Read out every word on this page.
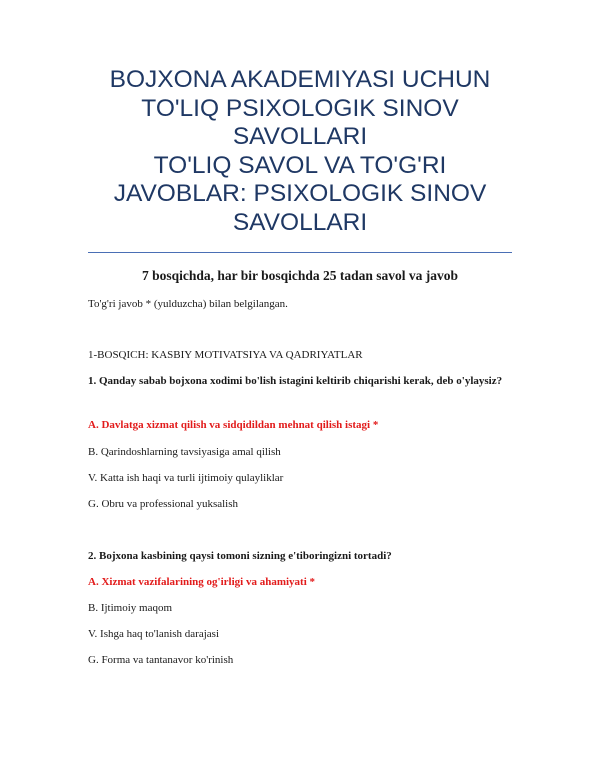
BOJXONA AKADEMIYASI UCHUN
TO'LIQ PSIXOLOGIK SINOV
SAVOLLARI
TO'LIQ SAVOL VA TO'G'RI
JAVOBLAR: PSIXOLOGIK SINOV
SAVOLLARI
7 bosqichda, har bir bosqichda 25 tadan savol va javob
To'g'ri javob * (yulduzcha) bilan belgilangan.
1-BOSQICH: KASBIY MOTIVATSIYA VA QADRIYATLAR
1. Qanday sabab bojxona xodimi bo'lish istagini keltirib chiqarishi kerak, deb o'ylaysiz?
A. Davlatga xizmat qilish va sidqidildan mehnat qilish istagi *
B. Qarindoshlarning tavsiyasiga amal qilish
V. Katta ish haqi va turli ijtimoiy qulayliklar
G. Obru va professional yuksalish
2. Bojxona kasbining qaysi tomoni sizning e'tiboringizni tortadi?
A. Xizmat vazifalarining og'irligi va ahamiyati *
B. Ijtimoiy maqom
V. Ishga haq to'lanish darajasi
G. Forma va tantanavor ko'rinish
